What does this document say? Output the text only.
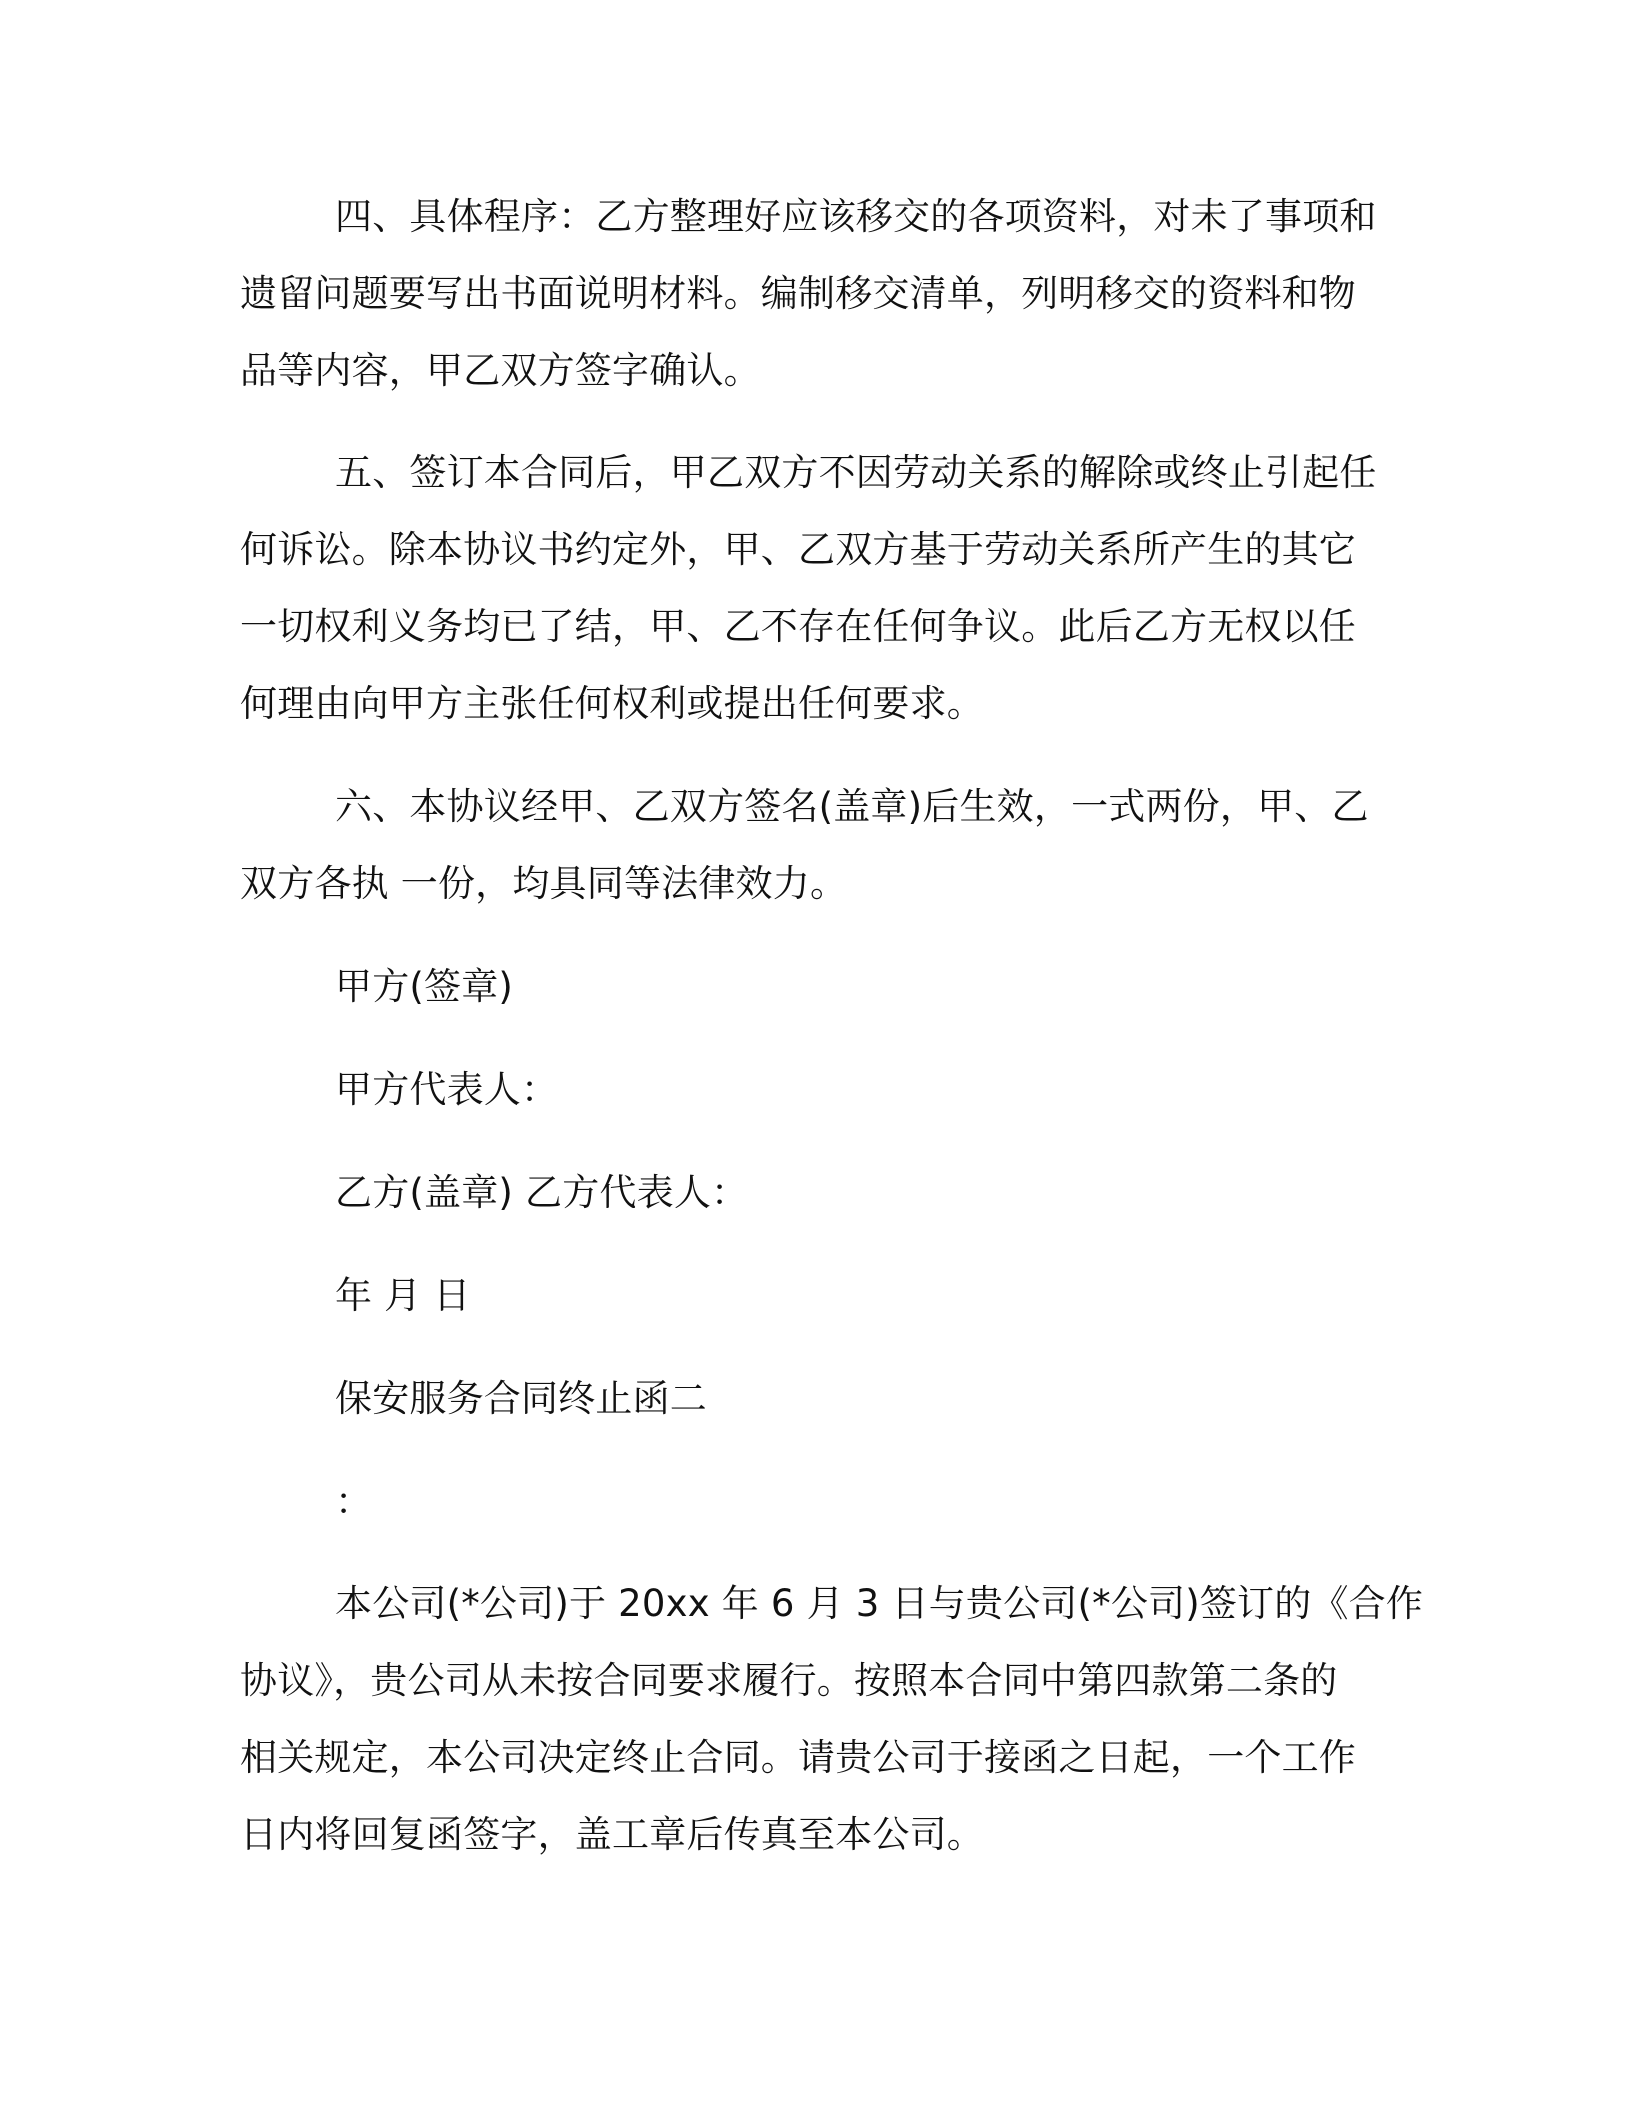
四、具体程序：乙方整理好应该移交的各项资料，对未了事项和

遗留问题要写出书面说明材料。编制移交清单，列明移交的资料和物

品等内容，甲乙双方签字确认。

五、签订本合同后，甲乙双方不因劳动关系的解除或终止引起任

何诉讼。除本协议书约定外，甲、乙双方基于劳动关系所产生的其它

一切权利义务均已了结，甲、乙不存在任何争议。此后乙方无权以任

何理由向甲方主张任何权利或提出任何要求。

六、本协议经甲、乙双方签名(盖章)后生效，一式两份，甲、乙

双方各执 一份，均具同等法律效力。

甲方(签章)

甲方代表人：

乙方(盖章) 乙方代表人：

年 月 日

保安服务合同终止函二

：

本公司(*公司)于 20xx 年 6 月 3 日与贵公司(*公司)签订的《合作

协议》，贵公司从未按合同要求履行。按照本合同中第四款第二条的

相关规定，本公司决定终止合同。请贵公司于接函之日起，一个工作

日内将回复函签字，盖工章后传真至本公司。
